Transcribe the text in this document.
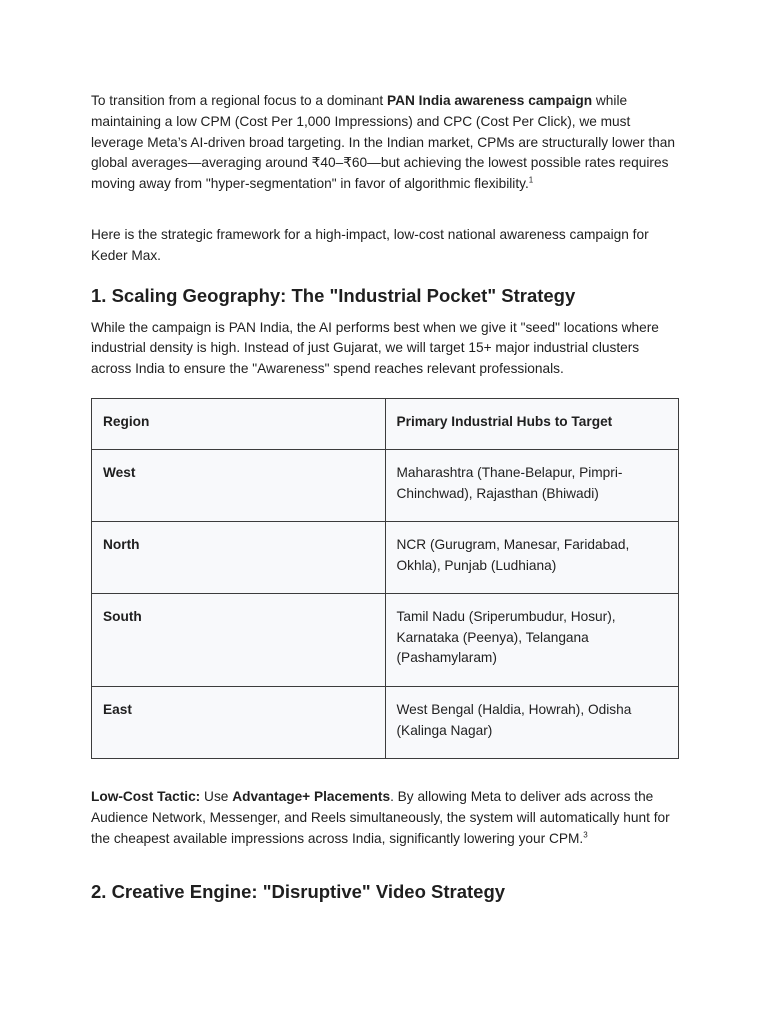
To transition from a regional focus to a dominant PAN India awareness campaign while maintaining a low CPM (Cost Per 1,000 Impressions) and CPC (Cost Per Click), we must leverage Meta’s AI-driven broad targeting. In the Indian market, CPMs are structurally lower than global averages—averaging around ₹40–₹60—but achieving the lowest possible rates requires moving away from "hyper-segmentation" in favor of algorithmic flexibility.$^1$

Here is the strategic framework for a high-impact, low-cost national awareness campaign for Keder Max.

1. Scaling Geography: The "Industrial Pocket" Strategy

While the campaign is PAN India, the AI performs best when we give it "seed" locations where industrial density is high. Instead of just Gujarat, we will target 15+ major industrial clusters across India to ensure the "Awareness" spend reaches relevant professionals.

Region	Primary Industrial Hubs to Target
West	Maharashtra (Thane-Belapur, Pimpri-Chinchwad), Rajasthan (Bhiwadi)
North	NCR (Gurugram, Manesar, Faridabad, Okhla), Punjab (Ludhiana)
South	Tamil Nadu (Sriperumbudur, Hosur), Karnataka (Peenya), Telangana (Pashamylaram)
East	West Bengal (Haldia, Howrah), Odisha (Kalinga Nagar)

Low-Cost Tactic: Use Advantage+ Placements. By allowing Meta to deliver ads across the Audience Network, Messenger, and Reels simultaneously, the system will automatically hunt for the cheapest available impressions across India, significantly lowering your CPM.$^3$

2. Creative Engine: "Disruptive" Video Strategy
